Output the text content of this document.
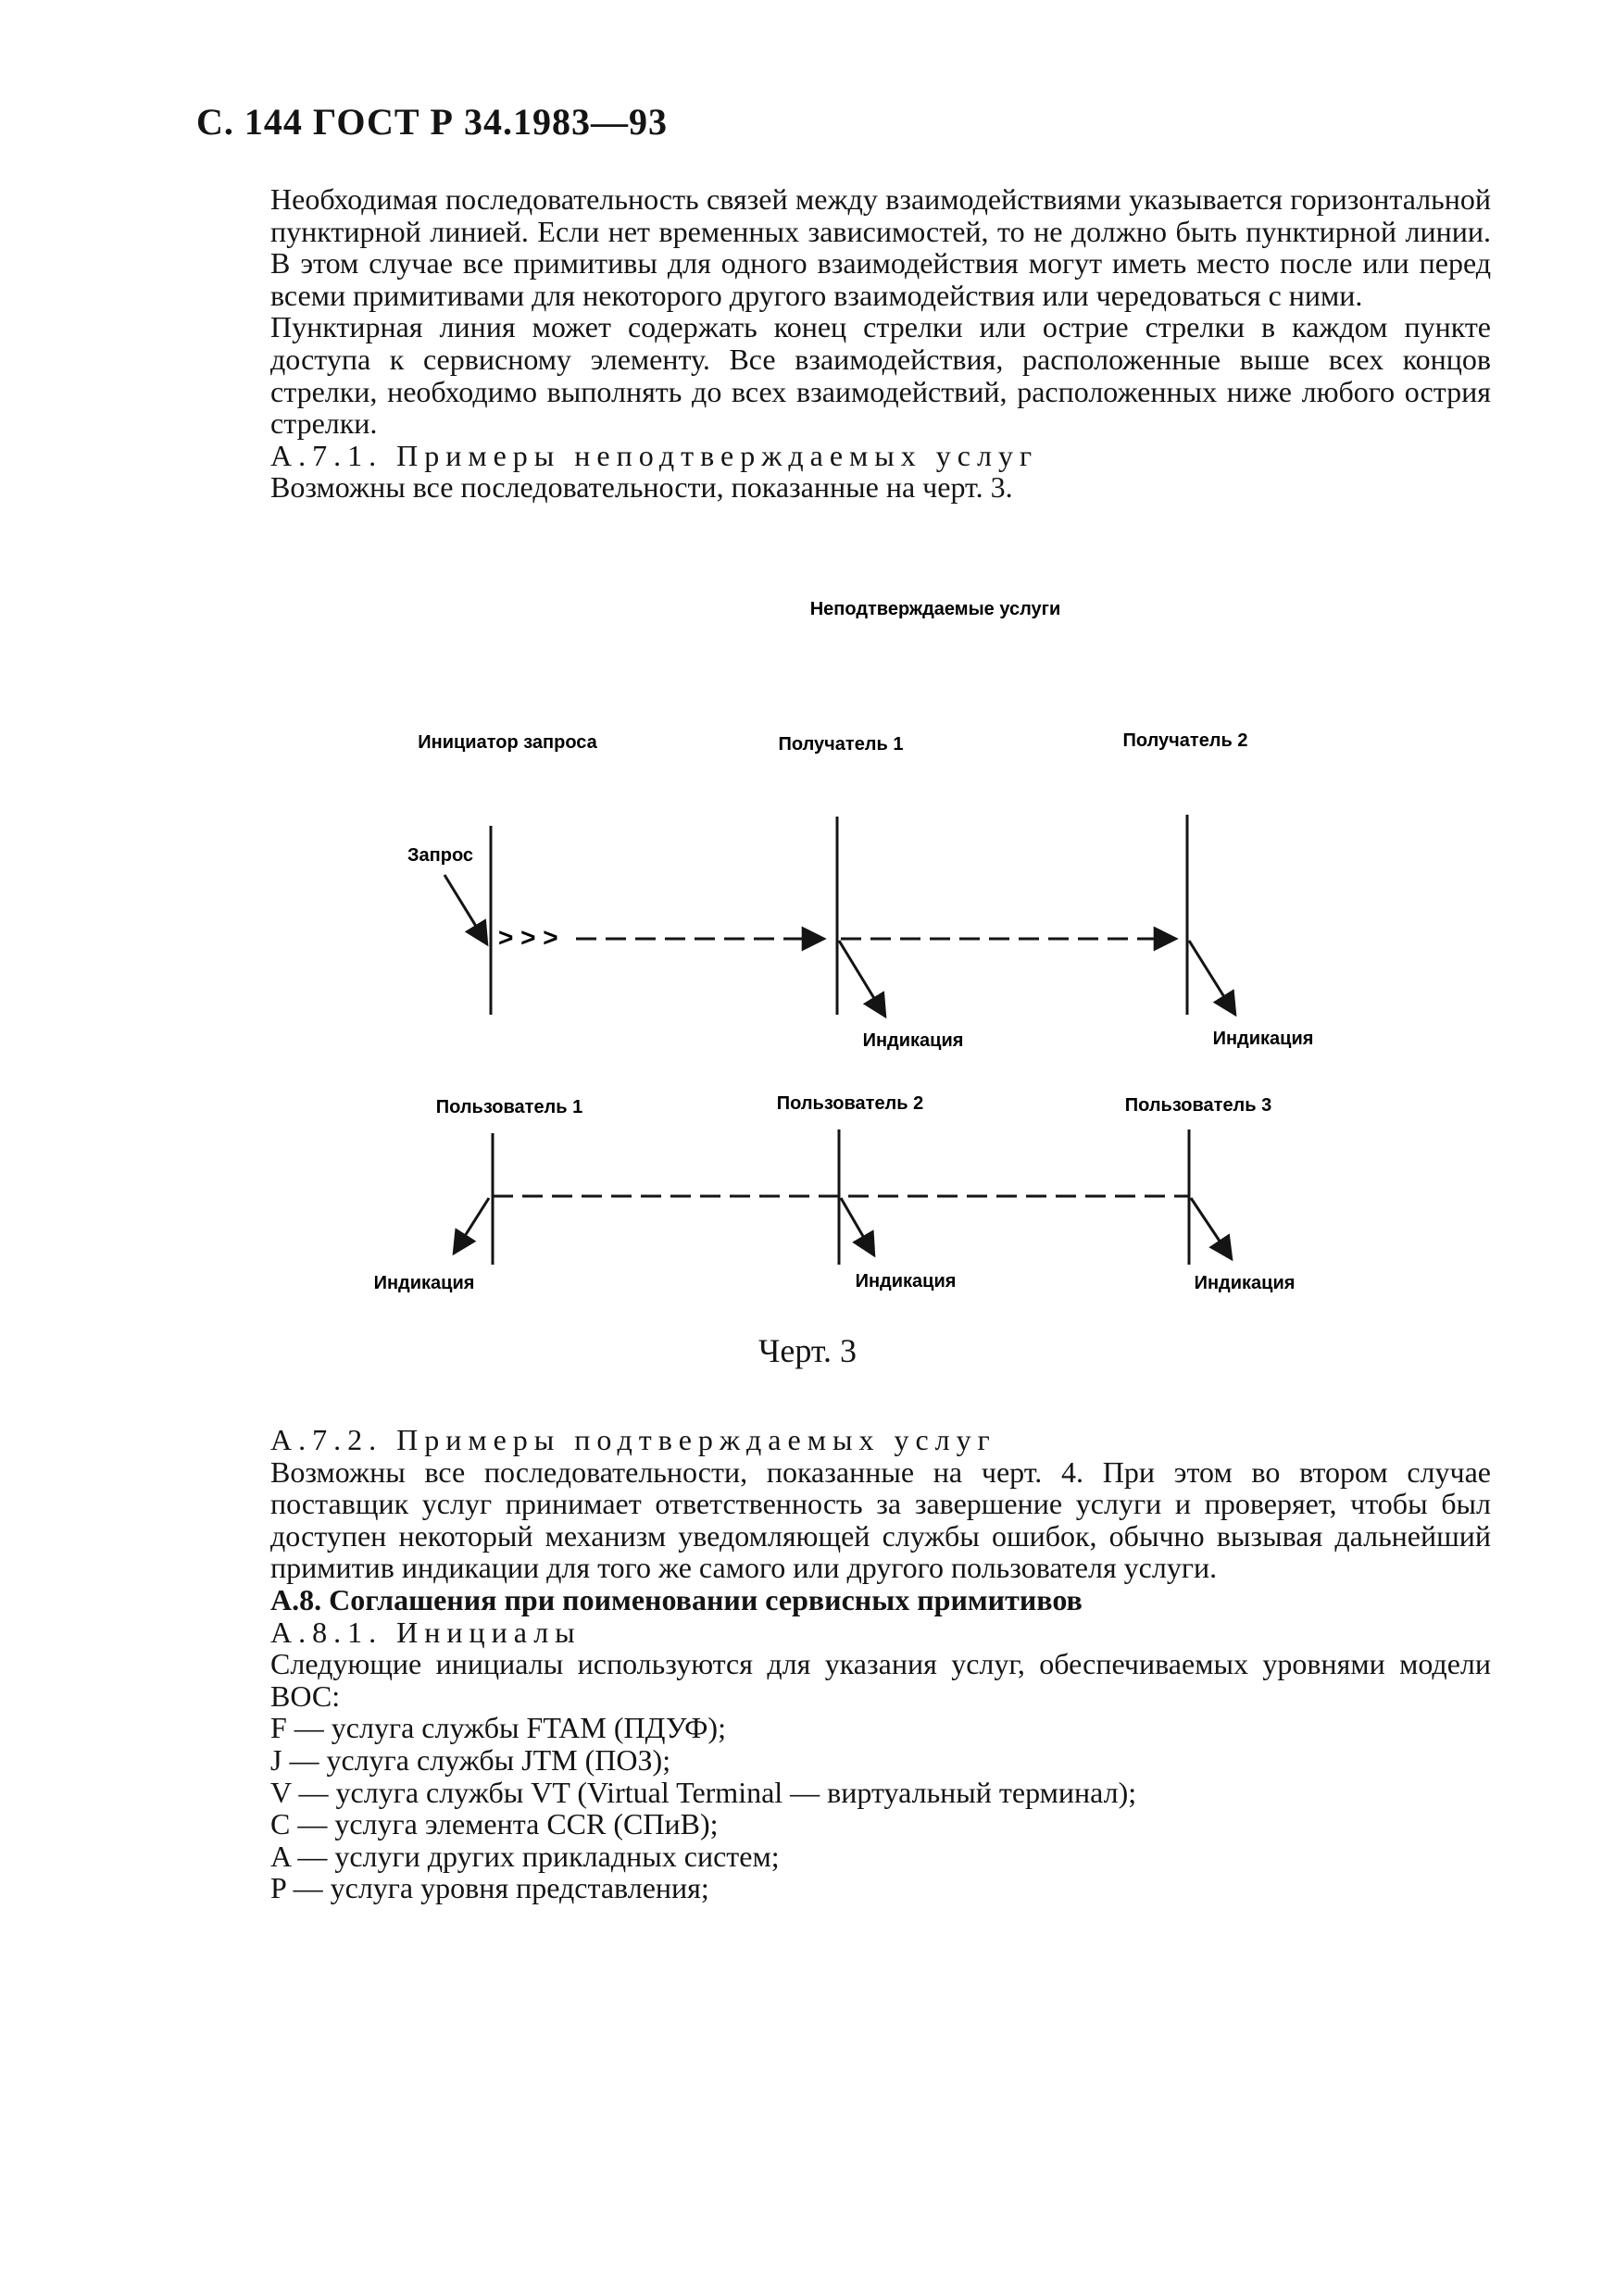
С. 144 ГОСТ Р 34.1983—93

Необходимая последовательность связей между взаимодействиями указывается горизонтальной пунктирной линией. Если нет временных зависимостей, то не должно быть пунктирной линии. В этом случае все примитивы для одного взаимодействия могут иметь место после или перед всеми примитивами для некоторого другого взаимодействия или чередоваться с ними.

Пунктирная линия может содержать конец стрелки или острие стрелки в каждом пункте доступа к сервисному элементу. Все взаимодействия, расположенные выше всех концов стрелки, необходимо выполнять до всех взаимодействий, расположенных ниже любого острия стрелки.

А.7.1. Примеры неподтверждаемых услуг

Возможны все последовательности, показанные на черт. 3.

Неподтверждаемые услуги
Инициатор запроса	Получатель 1	Получатель 2
Запрос
> > >
Индикация	Индикация
Пользователь 1	Пользователь 2	Пользователь 3
Индикация	Индикация	Индикация
Черт. 3

А.7.2. Примеры подтверждаемых услуг

Возможны все последовательности, показанные на черт. 4. При этом во втором случае поставщик услуг принимает ответственность за завершение услуги и проверяет, чтобы был доступен некоторый механизм уведомляющей службы ошибок, обычно вызывая дальнейший примитив индикации для того же самого или другого пользователя услуги.

А.8. Соглашения при поименовании сервисных примитивов

А.8.1. Инициалы

Следующие инициалы используются для указания услуг, обеспечиваемых уровнями модели ВОС:

F — услуга службы FTAM (ПДУФ);

J — услуга службы JTM (ПОЗ);

V — услуга службы VT (Virtual Terminal — виртуальный терминал);

C — услуга элемента CCR (СПиВ);

A — услуги других прикладных систем;

P — услуга уровня представления;
